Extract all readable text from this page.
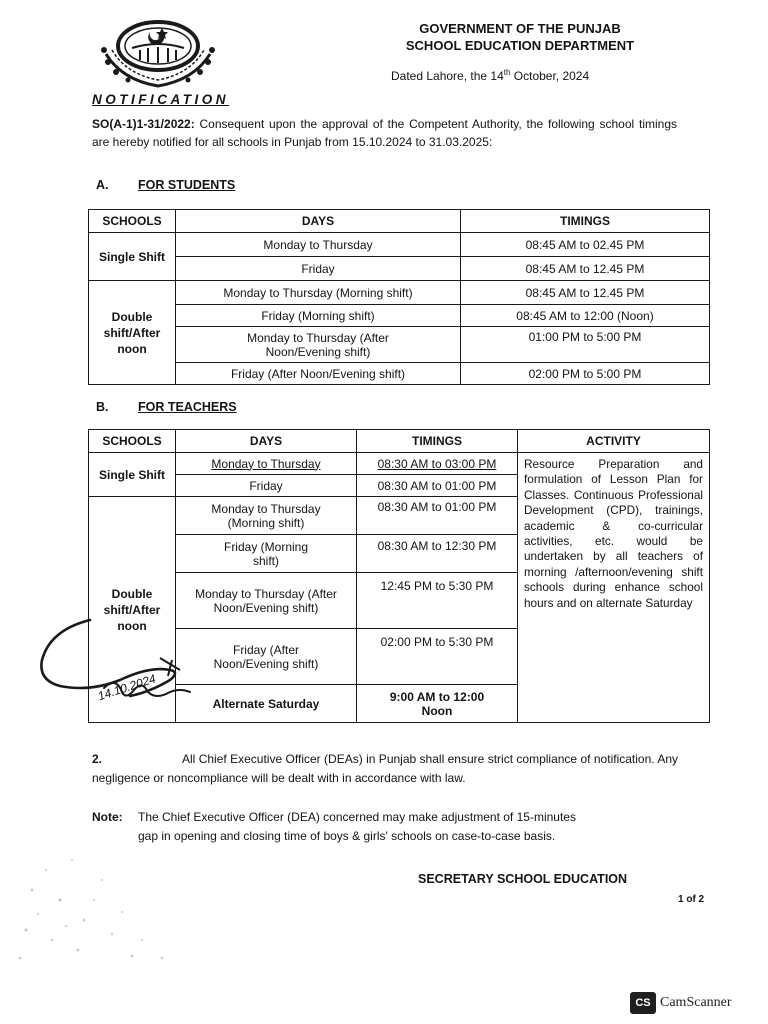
GOVERNMENT OF THE PUNJAB
SCHOOL EDUCATION DEPARTMENT
Dated Lahore, the 14th October, 2024
NOTIFICATION
SO(A-1)1-31/2022: Consequent upon the approval of the Competent Authority, the following school timings are hereby notified for all schools in Punjab from 15.10.2024 to 31.03.2025:
A. FOR STUDENTS
SCHOOLS	DAYS	TIMINGS
Single Shift	Monday to Thursday	08:45 AM to 02.45 PM
	Friday	08:45 AM to 12.45 PM
Double shift/After noon	Monday to Thursday (Morning shift)	08:45 AM to 12.45 PM
	Friday (Morning shift)	08:45 AM to 12:00 (Noon)
	Monday to Thursday (After Noon/Evening shift)	01:00 PM to 5:00 PM
	Friday (After Noon/Evening shift)	02:00 PM to 5:00 PM
B. FOR TEACHERS
SCHOOLS	DAYS	TIMINGS	ACTIVITY
Single Shift	Monday to Thursday	08:30 AM to 03:00 PM	Resource Preparation and formulation of Lesson Plan for Classes. Continuous Professional Development (CPD), trainings, academic & co-curricular activities, etc. would be undertaken by all teachers of morning /afternoon/evening shift schools during enhance school hours and on alternate Saturday
	Friday	08:30 AM to 01:00 PM	
Double shift/After noon	Monday to Thursday (Morning shift)	08:30 AM to 01:00 PM	
	Friday (Morning shift)	08:30 AM to 12:30 PM	
	Monday to Thursday (After Noon/Evening shift)	12:45 PM to 5:30 PM	
	Friday (After Noon/Evening shift)	02:00 PM to 5:30 PM	
	Alternate Saturday	9:00 AM to 12:00 Noon	
14.10.2024
2.	All Chief Executive Officer (DEAs) in Punjab shall ensure strict compliance of notification. Any negligence or noncompliance will be dealt with in accordance with law.
Note: The Chief Executive Officer (DEA) concerned may make adjustment of 15-minutes
gap in opening and closing time of boys & girls' schools on case-to-case basis.
SECRETARY SCHOOL EDUCATION
1 of 2
CS CamScanner
